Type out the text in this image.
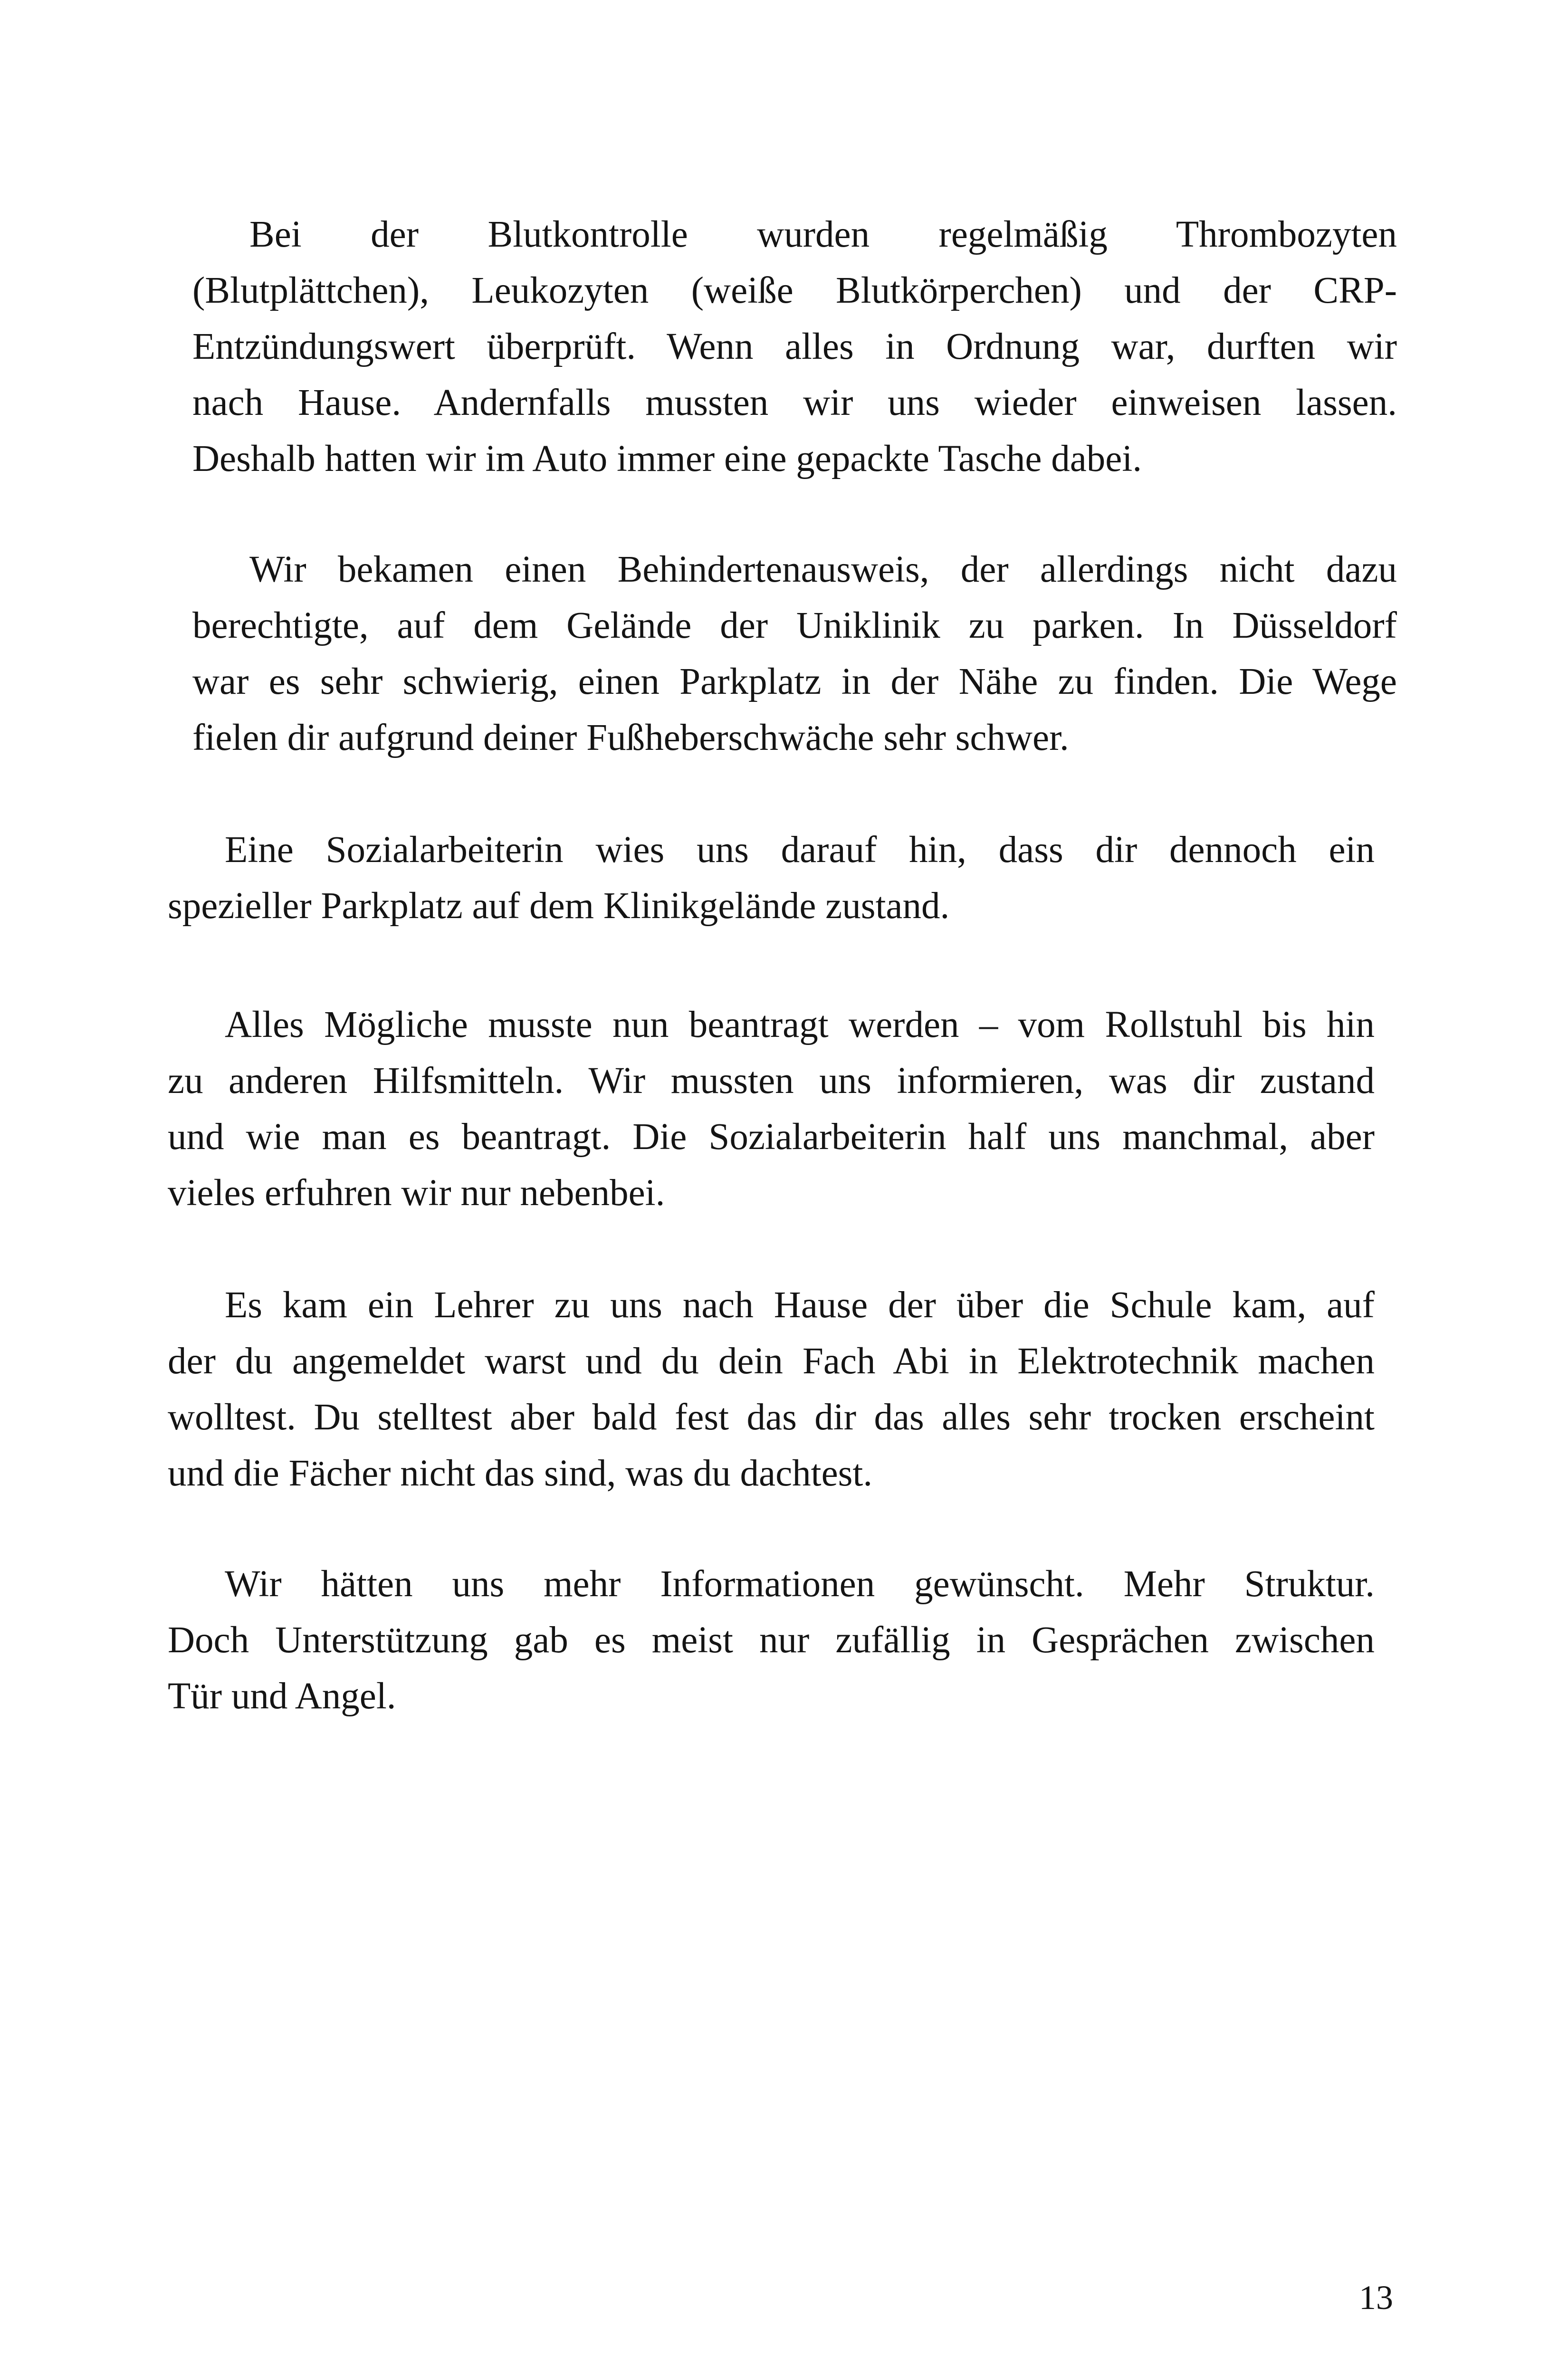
Bei der Blutkontrolle wurden regelmäßig Thrombozyten
(Blutplättchen), Leukozyten (weiße Blutkörperchen) und der CRP-
Entzündungswert überprüft. Wenn alles in Ordnung war, durften wir
nach Hause. Andernfalls mussten wir uns wieder einweisen lassen.
Deshalb hatten wir im Auto immer eine gepackte Tasche dabei.

Wir bekamen einen Behindertenausweis, der allerdings nicht dazu
berechtigte, auf dem Gelände der Uniklinik zu parken. In Düsseldorf
war es sehr schwierig, einen Parkplatz in der Nähe zu finden. Die Wege
fielen dir aufgrund deiner Fußheberschwäche sehr schwer.

Eine Sozialarbeiterin wies uns darauf hin, dass dir dennoch ein
spezieller Parkplatz auf dem Klinikgelände zustand.

Alles Mögliche musste nun beantragt werden – vom Rollstuhl bis hin
zu anderen Hilfsmitteln. Wir mussten uns informieren, was dir zustand
und wie man es beantragt. Die Sozialarbeiterin half uns manchmal, aber
vieles erfuhren wir nur nebenbei.

Es kam ein Lehrer zu uns nach Hause der über die Schule kam, auf
der du angemeldet warst und du dein Fach Abi in Elektrotechnik machen
wolltest. Du stelltest aber bald fest das dir das alles sehr trocken erscheint
und die Fächer nicht das sind, was du dachtest.

Wir hätten uns mehr Informationen gewünscht. Mehr Struktur.
Doch Unterstützung gab es meist nur zufällig in Gesprächen zwischen
Tür und Angel.

13
